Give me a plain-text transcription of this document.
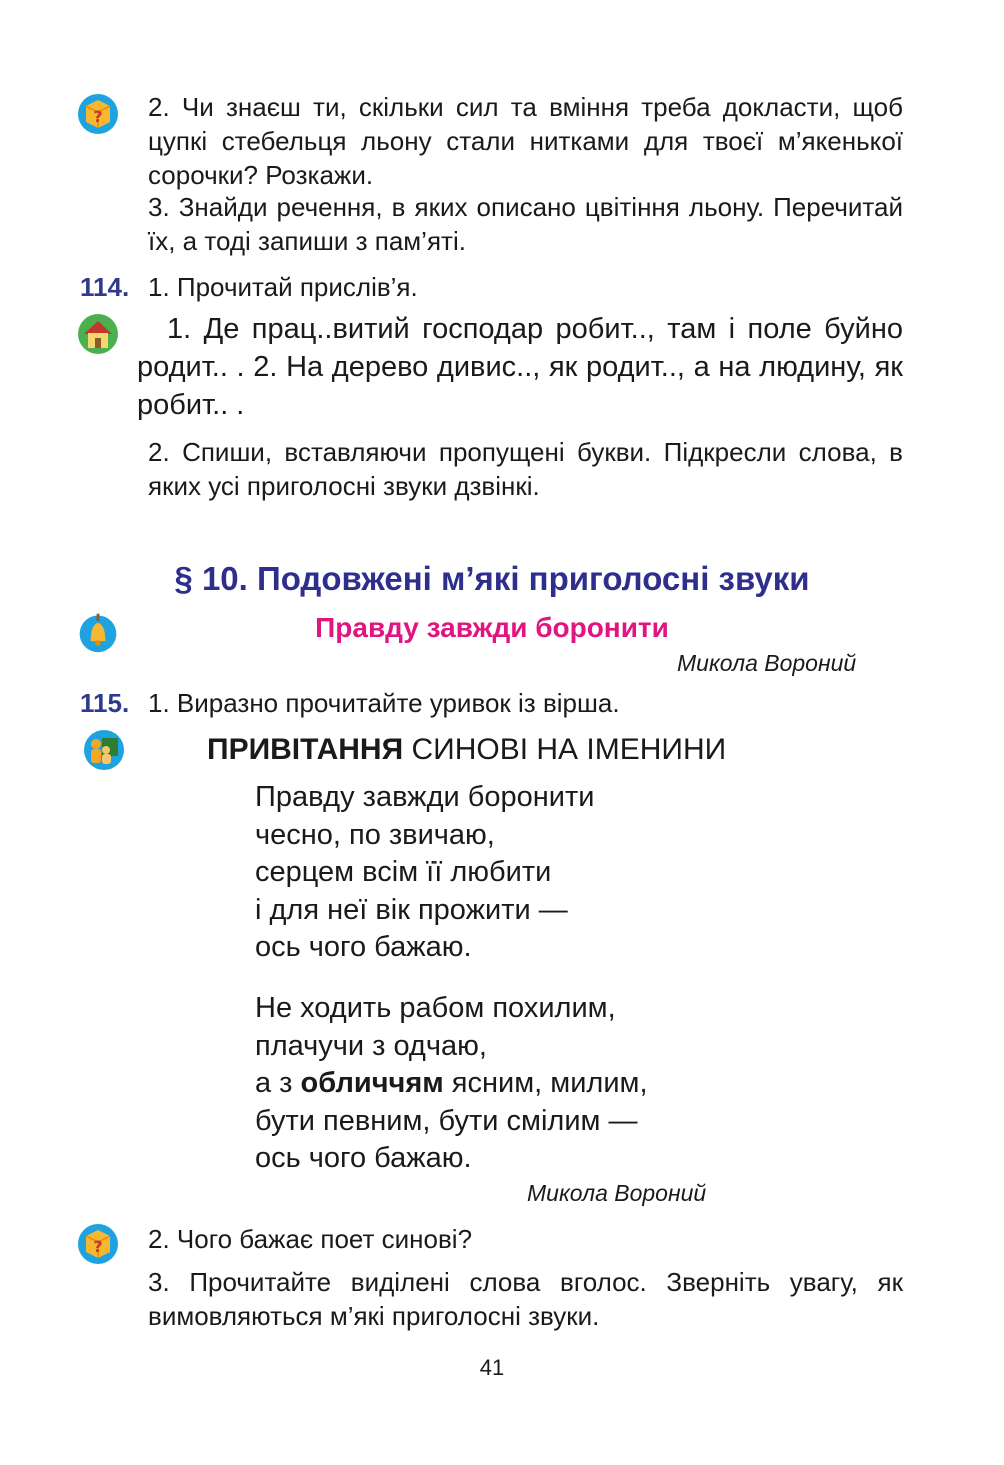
? 2. Чи знаєш ти, скільки сил та вміння треба докласти, щоб цупкі стебельця льону стали нитками для твоєї м’якенької сорочки? Розкажи.
3. Знайди речення, в яких описано цвітіння льону. Перечитай їх, а тоді запиши з пам’яті.
114. 1. Прочитай прислів’я.
1. Де прац..витий господар робит.., там і поле буйно родит.. . 2. На дерево дивис.., як родит.., а на людину, як робит.. .
2. Спиши, вставляючи пропущені букви. Підкресли слова, в яких усі приголосні звуки дзвінкі.
§ 10. Подовжені м’які приголосні звуки
Правду завжди боронити
Микола Вороний
115. 1. Виразно прочитайте уривок із вірша.
ПРИВІТАННЯ СИНОВІ НА ІМЕНИНИ
Правду завжди боронити
чесно, по звичаю,
серцем всім її любити
і для неї вік прожити —
ось чого бажаю.
Не ходить рабом похилим,
плачучи з одчаю,
а з обличчям ясним, милим,
бути певним, бути смілим —
ось чого бажаю.
Микола Вороний
? 2. Чого бажає поет синові?
3. Прочитайте виділені слова вголос. Зверніть увагу, як вимовляються м’які приголосні звуки.
41
